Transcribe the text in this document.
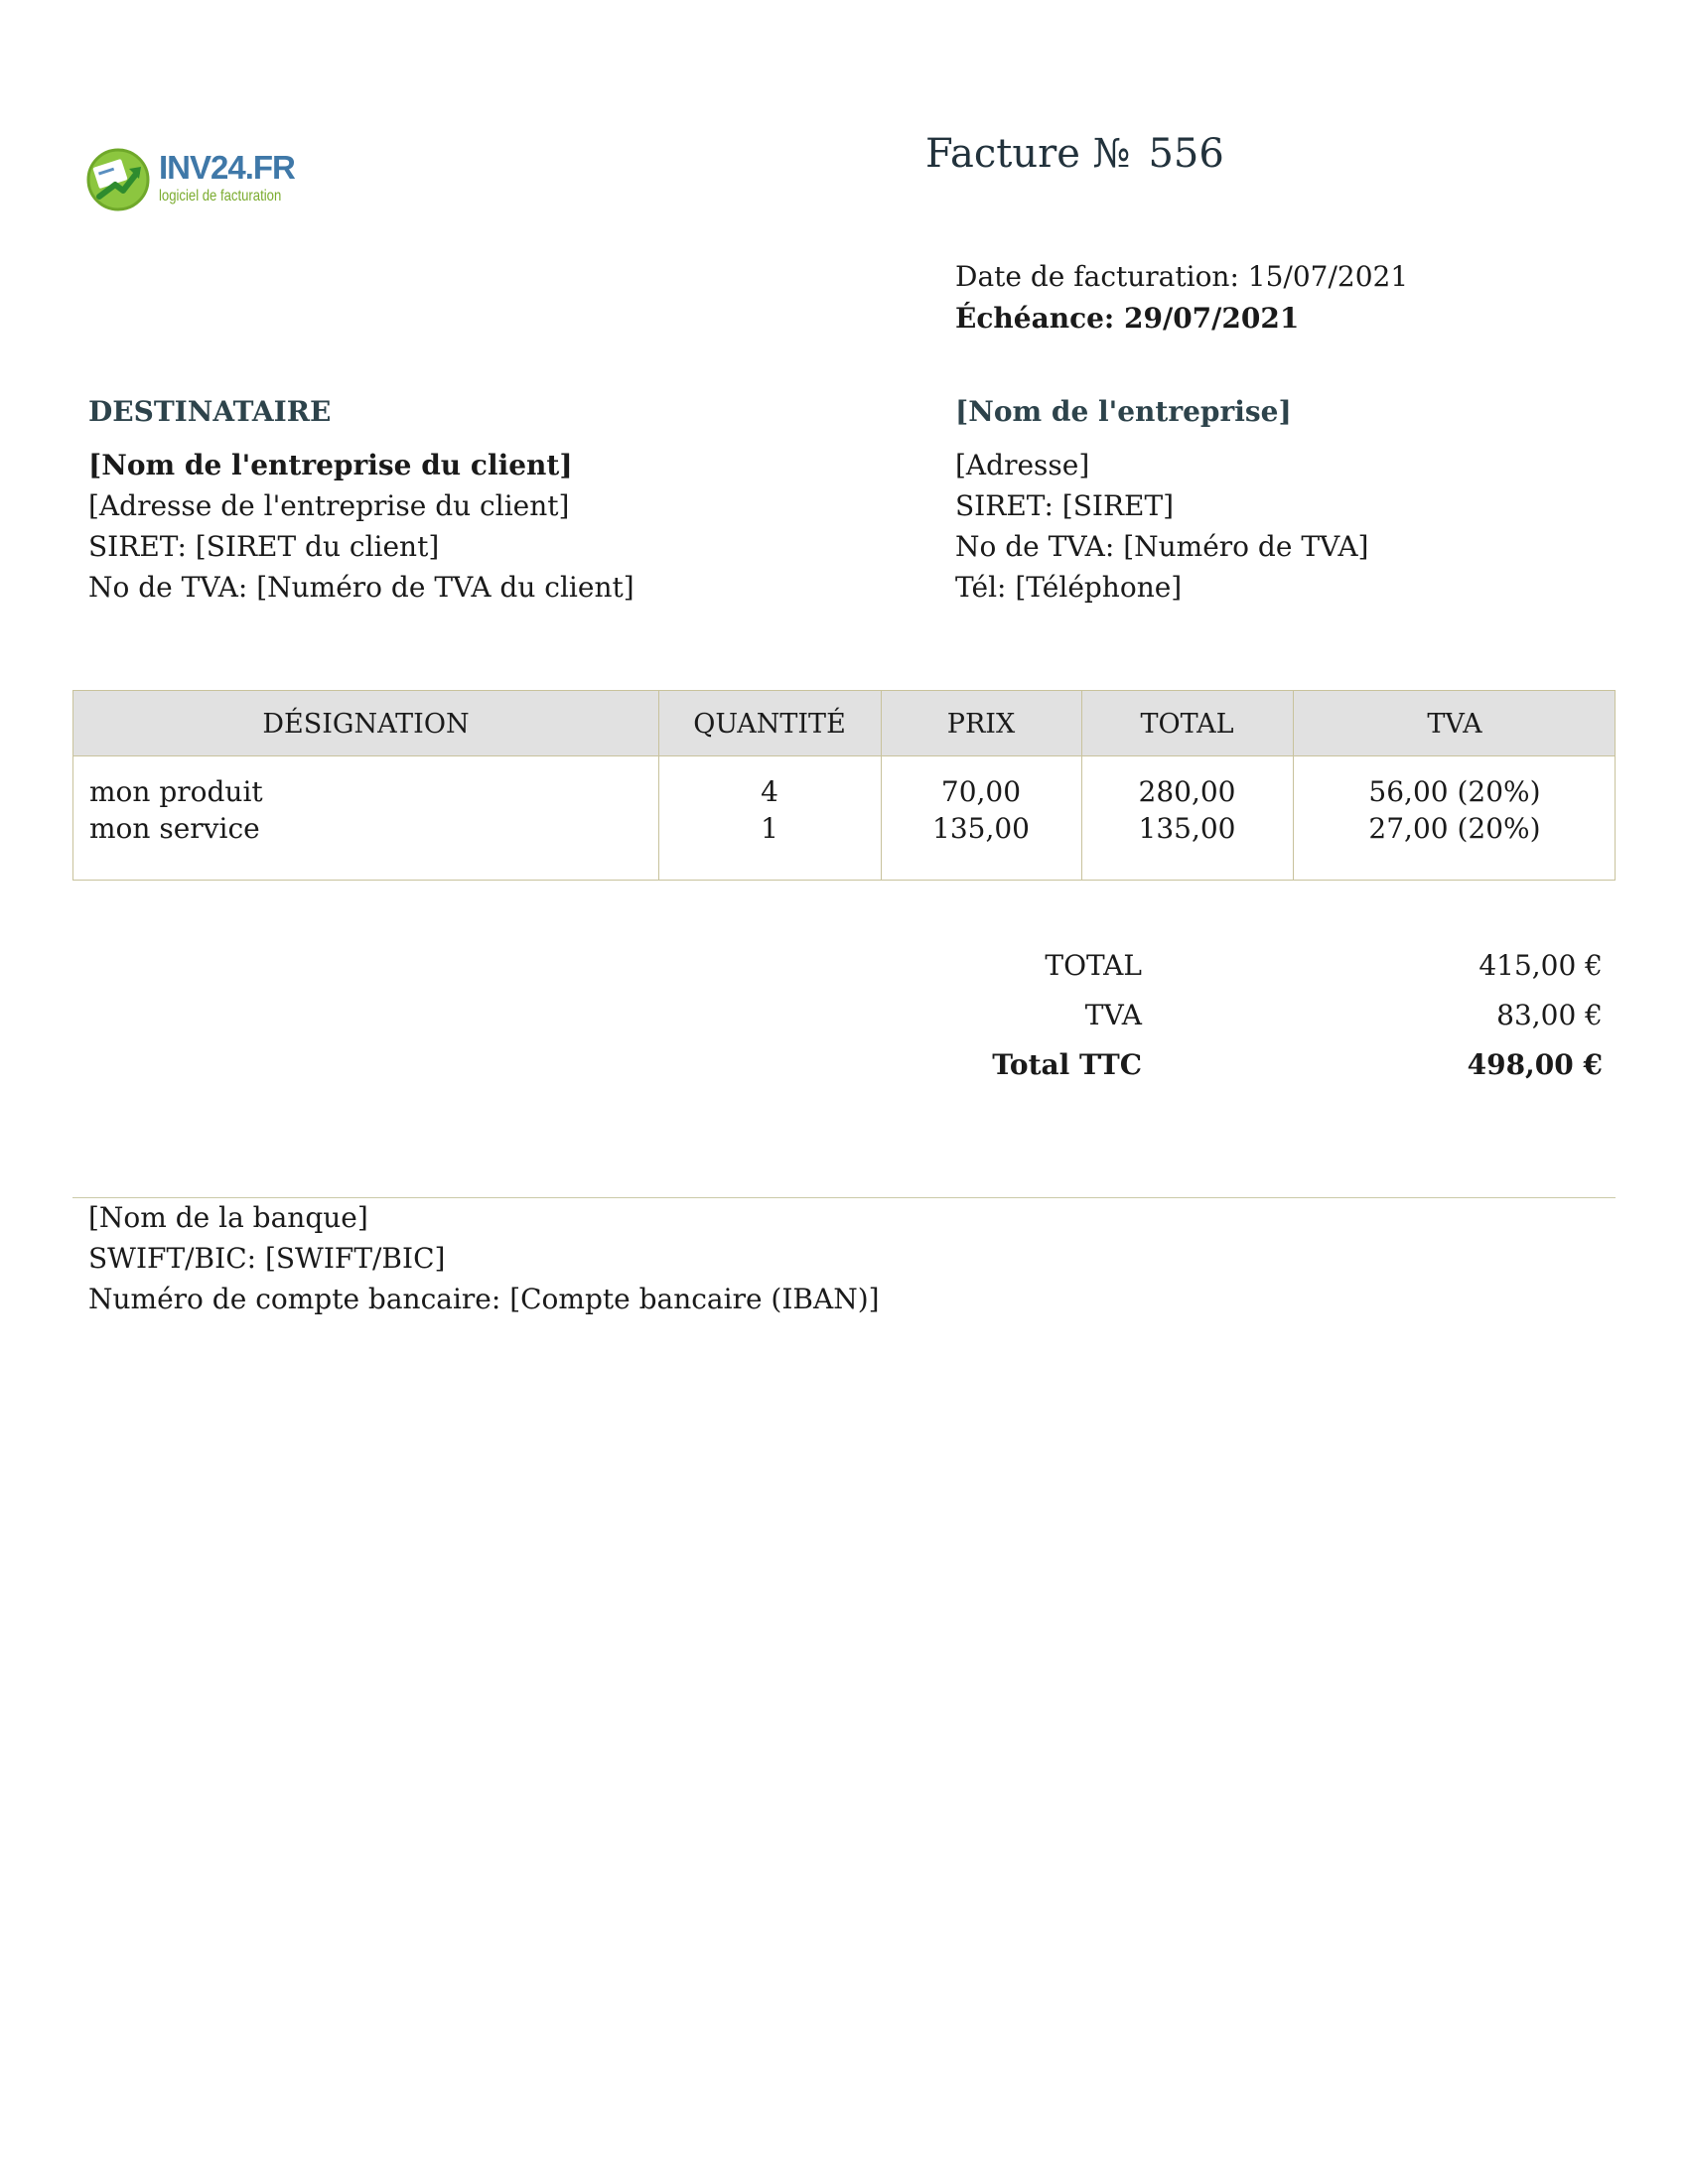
INV24.FR
logiciel de facturation
Facture № 556
Date de facturation: 15/07/2021
Échéance: 29/07/2021
DESTINATAIRE
[Nom de l'entreprise du client]
[Adresse de l'entreprise du client]
SIRET: [SIRET du client]
No de TVA: [Numéro de TVA du client]
[Nom de l'entreprise]
[Adresse]
SIRET: [SIRET]
No de TVA: [Numéro de TVA]
Tél: [Téléphone]
DÉSIGNATION	QUANTITÉ	PRIX	TOTAL	TVA
mon produit	4	70,00	280,00	56,00 (20%)
mon service	1	135,00	135,00	27,00 (20%)
TOTAL	415,00 €
TVA	83,00 €
Total TTC	498,00 €
[Nom de la banque]
SWIFT/BIC: [SWIFT/BIC]
Numéro de compte bancaire: [Compte bancaire (IBAN)]
